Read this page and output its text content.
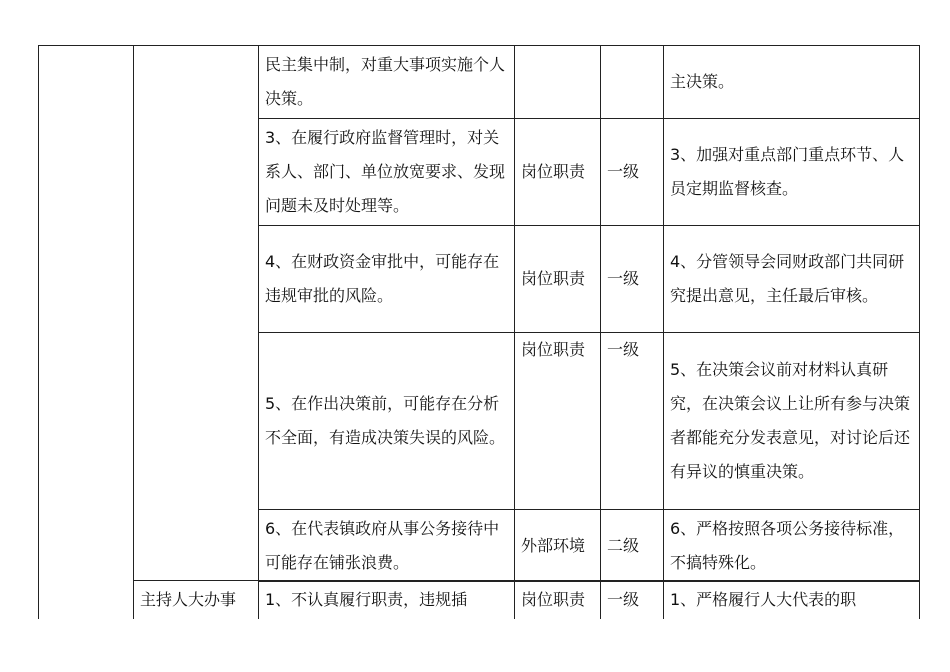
		民主集中制，对重大事项实施个人决策。			主决策。

		3、在履行政府监督管理时，对关系人、部门、单位放宽要求、发现问题未及时处理等。	岗位职责	一级	3、加强对重点部门重点环节、人员定期监督核查。

		4、在财政资金审批中，可能存在违规审批的风险。	岗位职责	一级	4、分管领导会同财政部门共同研究提出意见，主任最后审核。

		5、在作出决策前，可能存在分析不全面，有造成决策失误的风险。	岗位职责	一级	5、在决策会议前对材料认真研究，在决策会议上让所有参与决策者都能充分发表意见，对讨论后还有异议的慎重决策。

		6、在代表镇政府从事公务接待中可能存在铺张浪费。	外部环境	二级	6、严格按照各项公务接待标准，不搞特殊化。

主持人大办事	1、不认真履行职责，违规插	岗位职责	一级	1、严格履行人大代表的职
